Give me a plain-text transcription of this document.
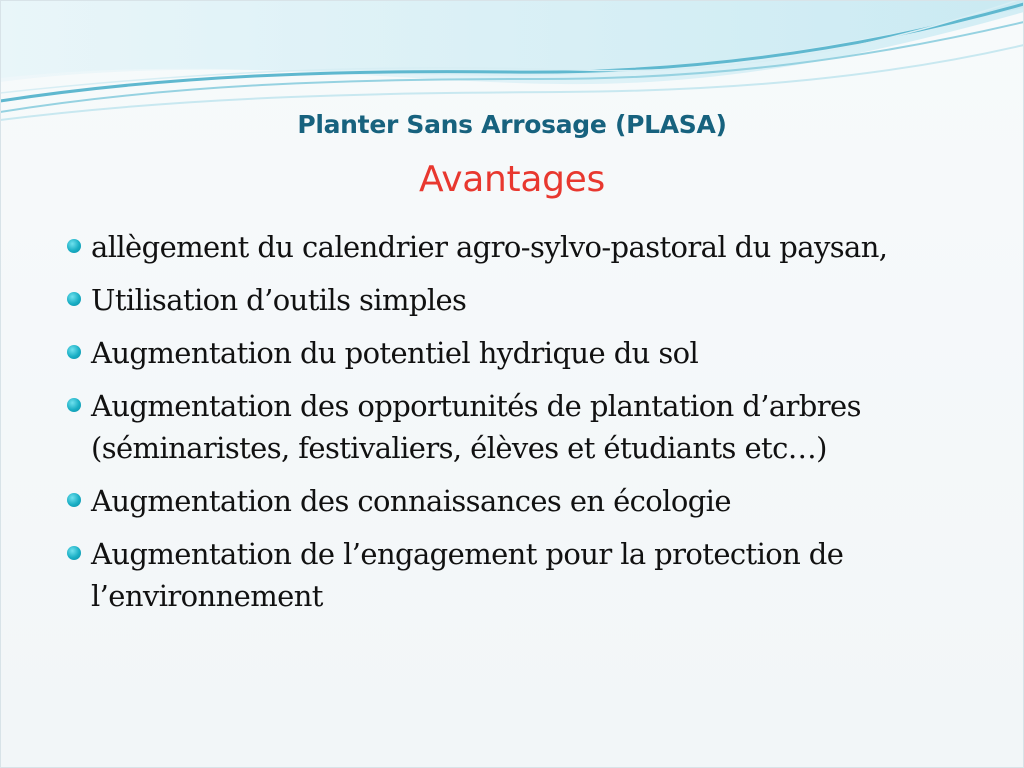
Planter Sans Arrosage (PLASA)
Avantages
allègement du calendrier agro-sylvo-pastoral du paysan,
Utilisation d’outils simples
Augmentation du potentiel hydrique du sol
Augmentation des opportunités de plantation d’arbres (séminaristes, festivaliers, élèves et étudiants etc…)
Augmentation des connaissances en écologie
Augmentation de l’engagement pour la protection de l’environnement
